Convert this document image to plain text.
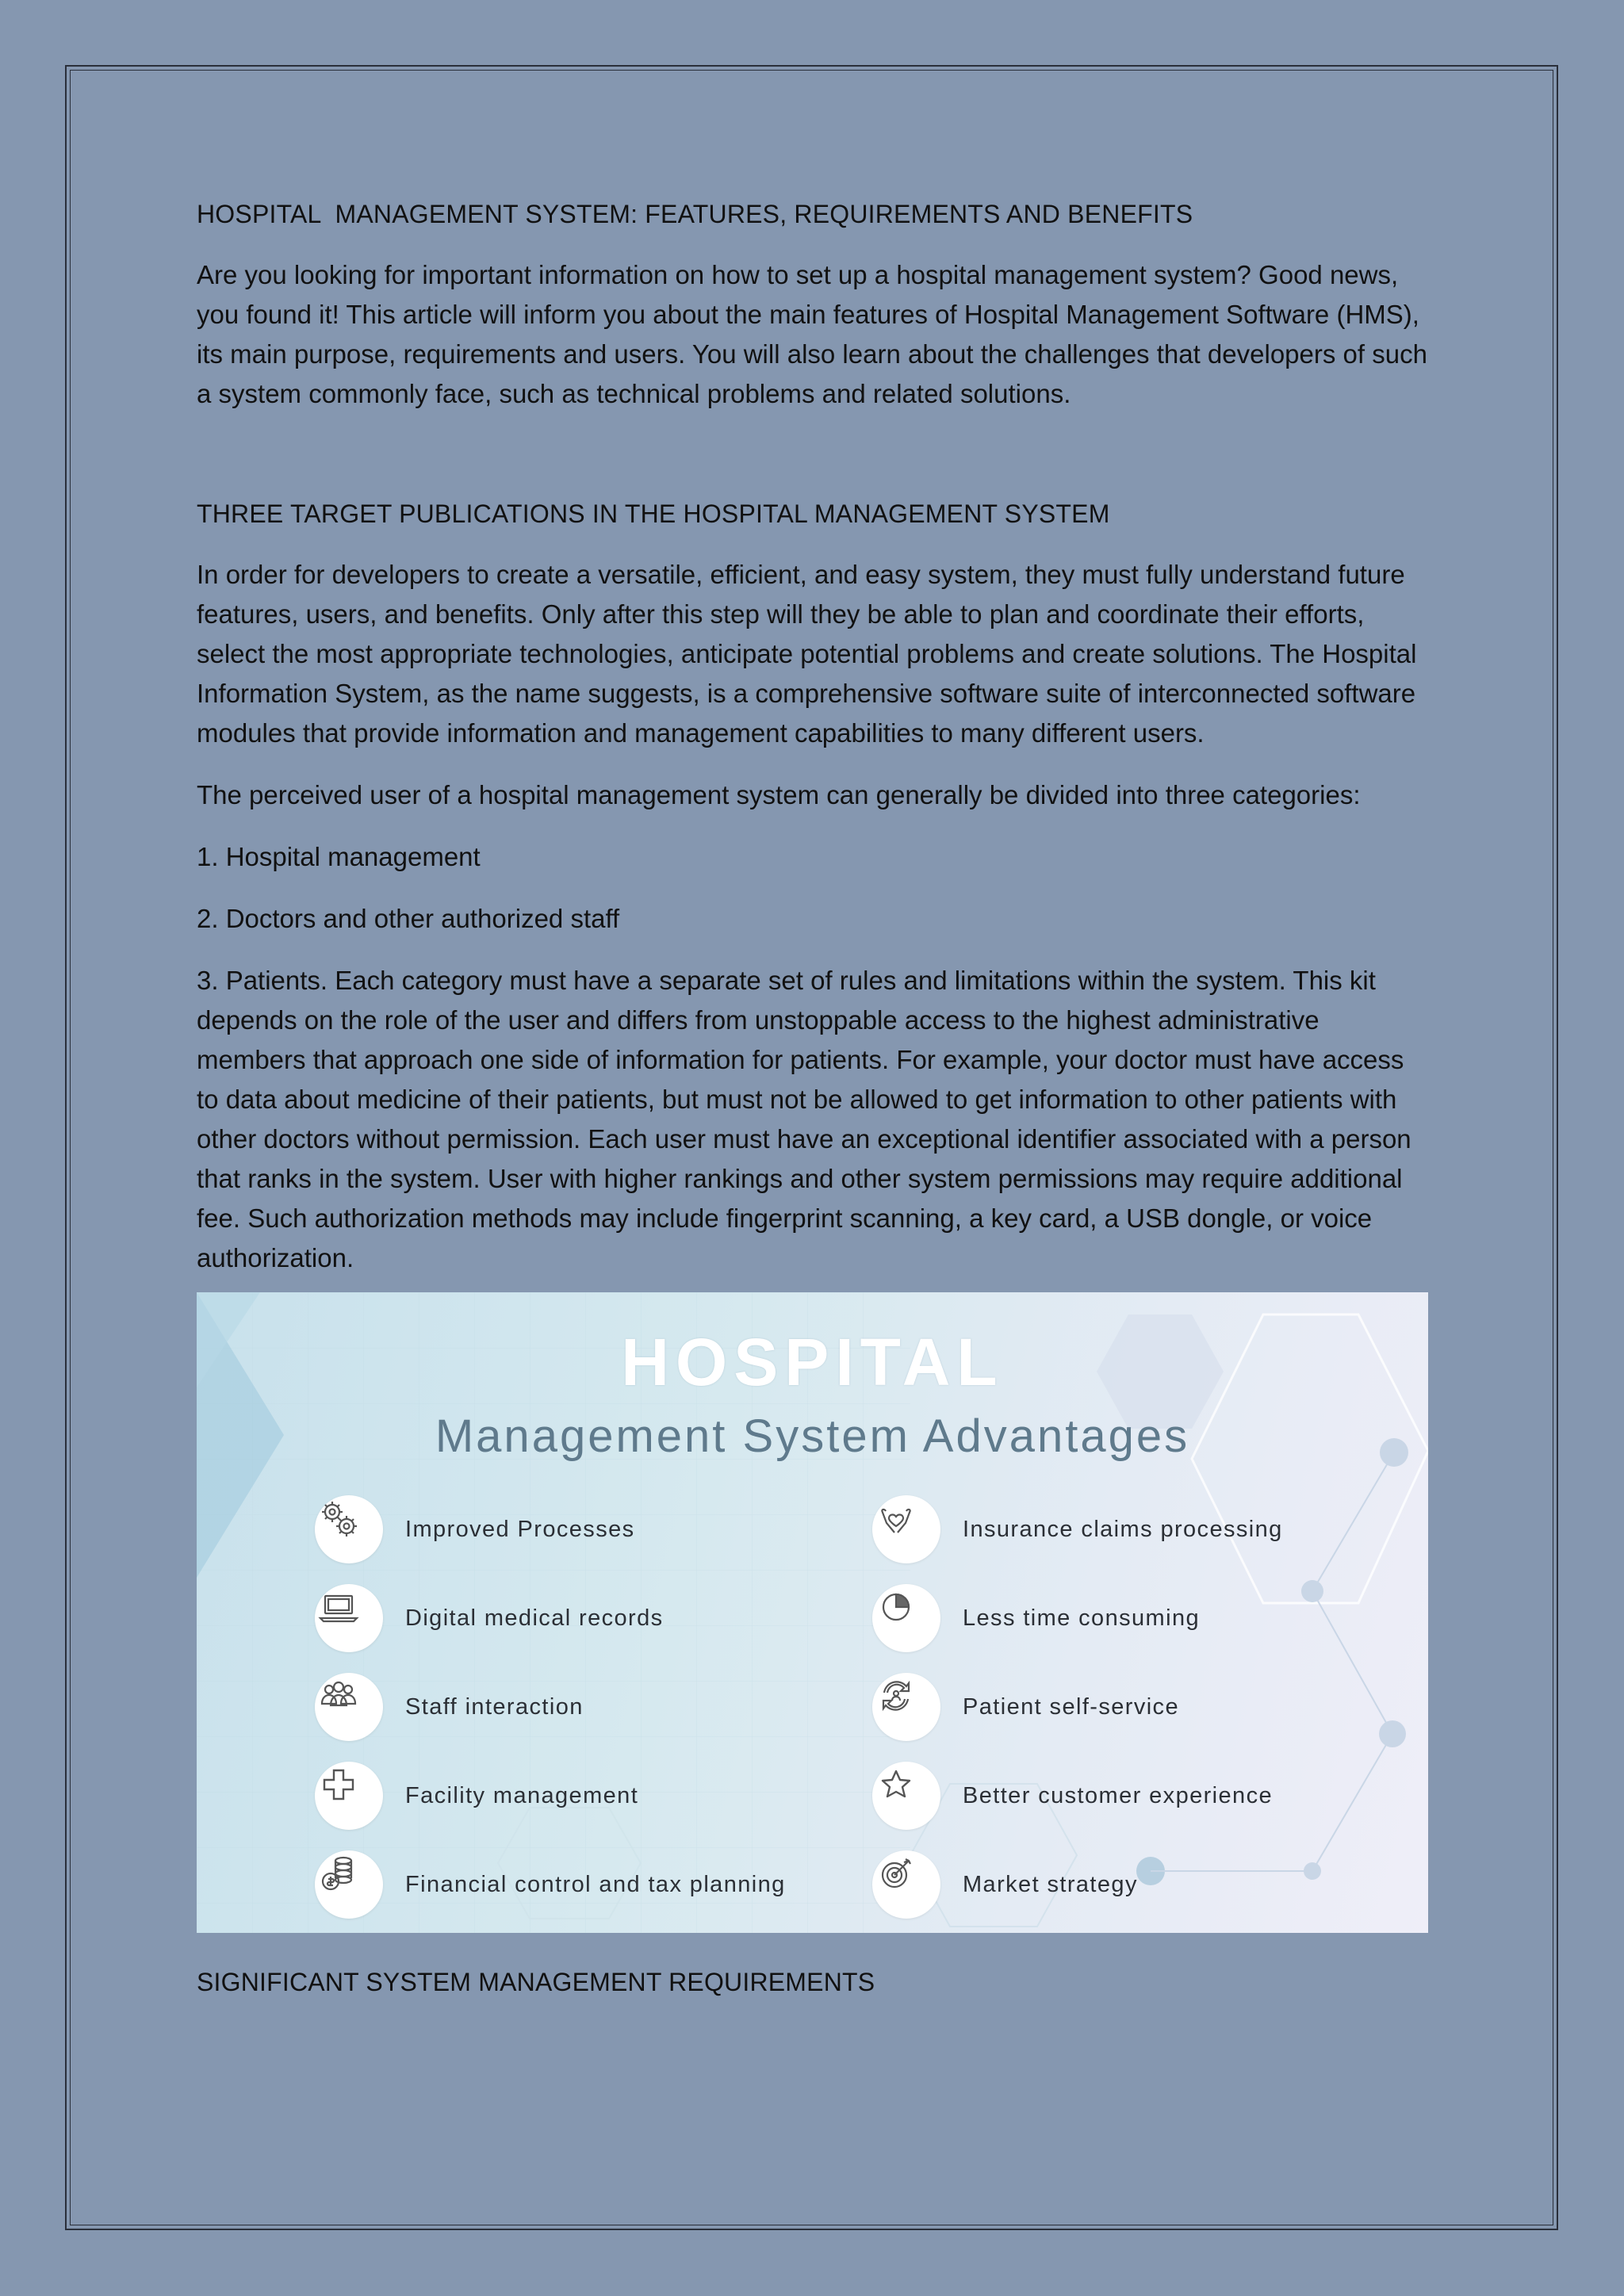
HOSPITAL  MANAGEMENT SYSTEM: FEATURES, REQUIREMENTS AND BENEFITS

Are you looking for important information on how to set up a hospital management system? Good news, you found it! This article will inform you about the main features of Hospital Management Software (HMS), its main purpose, requirements and users. You will also learn about the challenges that developers of such a system commonly face, such as technical problems and related solutions.

THREE TARGET PUBLICATIONS IN THE HOSPITAL MANAGEMENT SYSTEM

In order for developers to create a versatile, efficient, and easy system, they must fully understand future features, users, and benefits. Only after this step will they be able to plan and coordinate their efforts, select the most appropriate technologies, anticipate potential problems and create solutions. The Hospital Information System, as the name suggests, is a comprehensive software suite of interconnected software modules that provide information and management capabilities to many different users.

The perceived user of a hospital management system can generally be divided into three categories:

1. Hospital management

2. Doctors and other authorized staff

3. Patients. Each category must have a separate set of rules and limitations within the system. This kit depends on the role of the user and differs from unstoppable access to the highest administrative members that approach one side of information for patients. For example, your doctor must have access to data about medicine of their patients, but must not be allowed to get information to other patients with other doctors without permission. Each user must have an exceptional identifier associated with a person that ranks in the system. User with higher rankings and other system permissions may require additional fee. Such authorization methods may include fingerprint scanning, a key card, a USB dongle, or voice authorization.

HOSPITAL
Management System Advantages
Improved Processes
Digital medical records
Staff interaction
Facility management
Financial control and tax planning
Insurance claims processing
Less time consuming
Patient self-service
Better customer experience
Market strategy
SIGNIFICANT SYSTEM MANAGEMENT REQUIREMENTS
